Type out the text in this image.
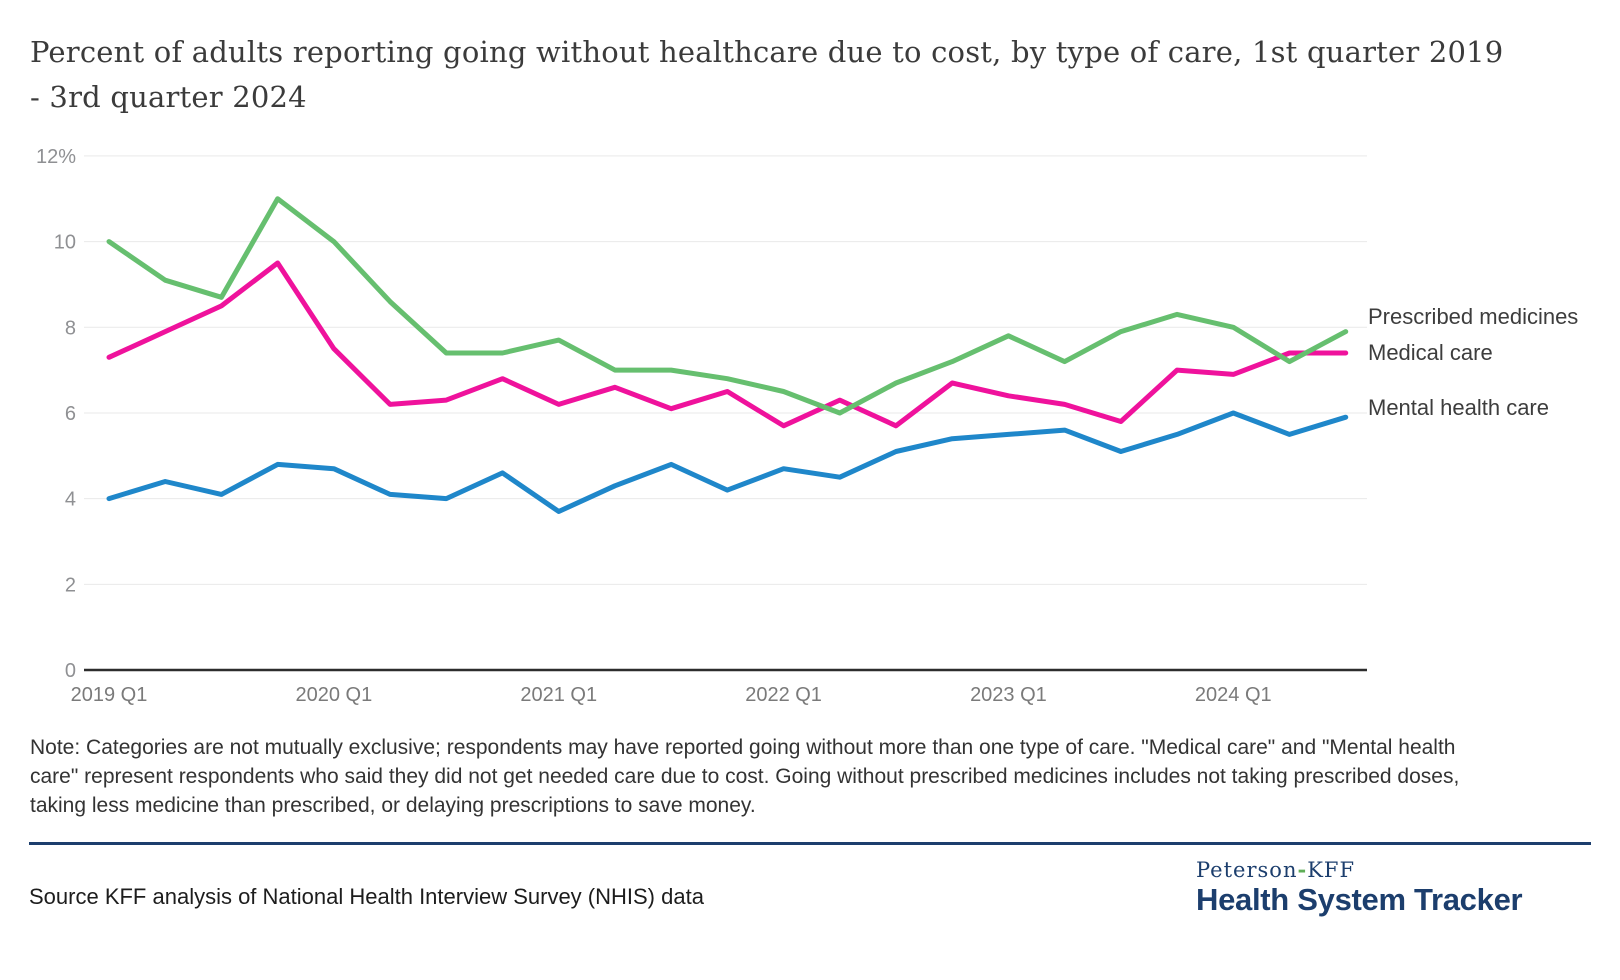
Percent of adults reporting going without healthcare due to cost, by type of care, 1st quarter 2019 - 3rd quarter 2024
0
2
4
6
8
10
12%
2019 Q1	2020 Q1	2021 Q1	2022 Q1	2023 Q1	2024 Q1
Prescribed medicines
Medical care
Mental health care
Note: Categories are not mutually exclusive; respondents may have reported going without more than one type of care. "Medical care" and "Mental health care" represent respondents who said they did not get needed care due to cost. Going without prescribed medicines includes not taking prescribed doses, taking less medicine than prescribed, or delaying prescriptions to save money.
Source KFF analysis of National Health Interview Survey (NHIS) data
Peterson-KFF
Health System Tracker
